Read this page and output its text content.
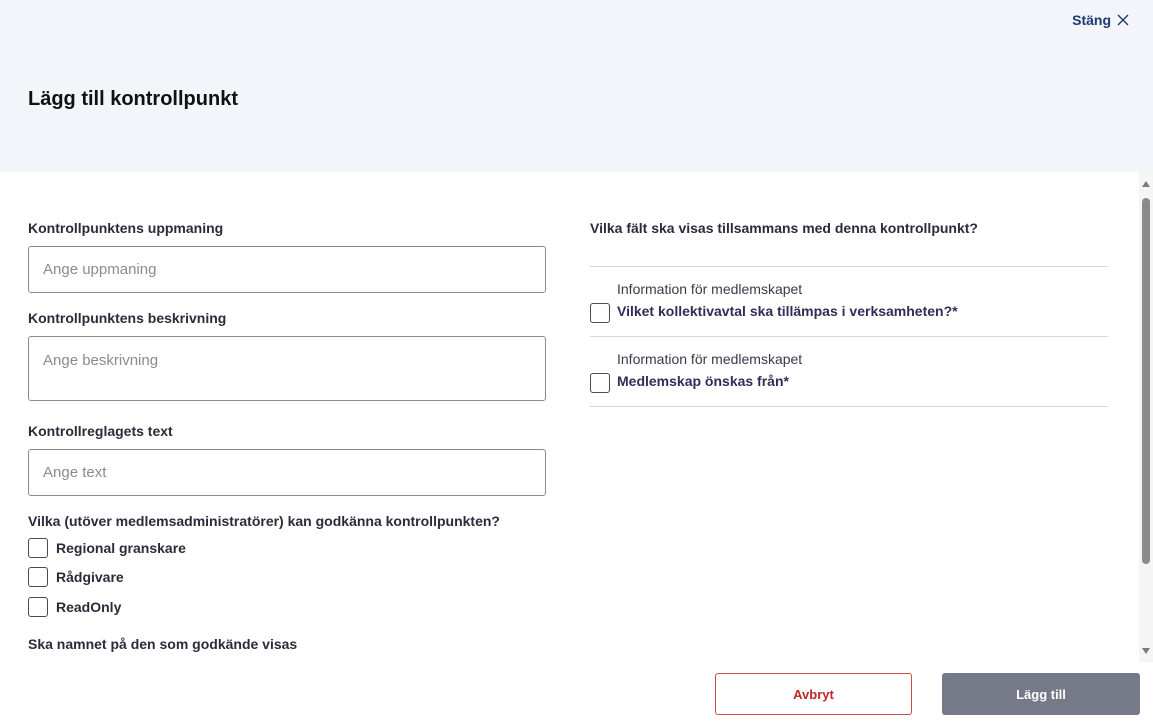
Stäng
Lägg till kontrollpunkt
Kontrollpunktens uppmaning
Ange uppmaning
Kontrollpunktens beskrivning
Ange beskrivning
Kontrollreglagets text
Ange text
Vilka (utöver medlemsadministratörer) kan godkänna kontrollpunkten?
Regional granskare
Rådgivare
ReadOnly
Ska namnet på den som godkände visas
Vilka fält ska visas tillsammans med denna kontrollpunkt?
Information för medlemskapet
Vilket kollektivavtal ska tillämpas i verksamheten?*
Information för medlemskapet
Medlemskap önskas från*
Avbryt	Lägg till
